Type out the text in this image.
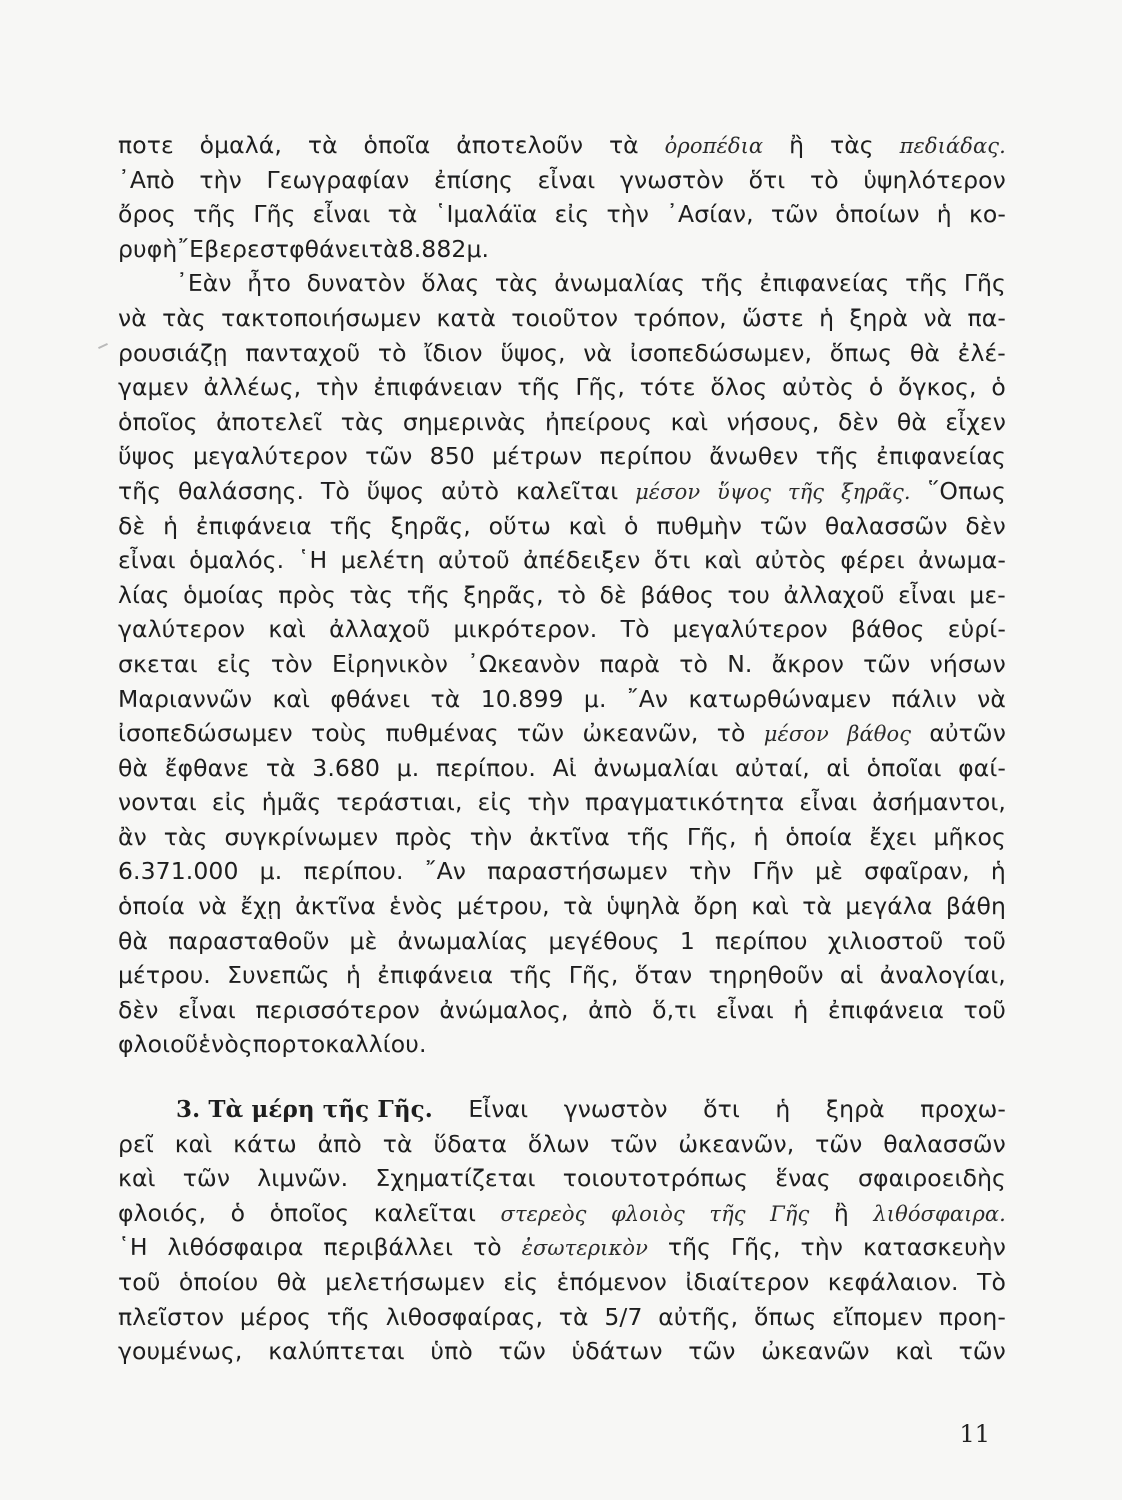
ποτε ὁμαλά, τὰ ὁποῖα ἀποτελοῦν τὰ ὀροπέδια ἢ τὰς πεδιάδας.
᾿Απὸ τὴν Γεωγραφίαν ἐπίσης εἶναι γνωστὸν ὅτι τὸ ὑψηλότερον
ὄρος τῆς Γῆς εἶναι τὰ ῾Ιμαλάϊα εἰς τὴν ᾿Ασίαν, τῶν ὁποίων ἡ κο-
ρυφὴ ῎Εβερεστ φθάνει τὰ 8.882 μ.
᾿Εὰν ἦτο δυνατὸν ὅλας τὰς ἀνωμαλίας τῆς ἐπιφανείας τῆς Γῆς
νὰ τὰς τακτοποιήσωμεν κατὰ τοιοῦτον τρόπον, ὥστε ἡ ξηρὰ νὰ πα-
ρουσιάζῃ πανταχοῦ τὸ ἴδιον ὕψος, νὰ ἰσοπεδώσωμεν, ὅπως θὰ ἐλέ-
γαμεν ἀλλέως, τὴν ἐπιφάνειαν τῆς Γῆς, τότε ὅλος αὐτὸς ὁ ὄγκος, ὁ
ὁποῖος ἀποτελεῖ τὰς σημερινὰς ἠπείρους καὶ νήσους, δὲν θὰ εἶχεν
ὕψος μεγαλύτερον τῶν 850 μέτρων περίπου ἄνωθεν τῆς ἐπιφανείας
τῆς θαλάσσης. Τὸ ὕψος αὐτὸ καλεῖται μέσον ὕψος τῆς ξηρᾶς. ῞Οπως
δὲ ἡ ἐπιφάνεια τῆς ξηρᾶς, οὕτω καὶ ὁ πυθμὴν τῶν θαλασσῶν δὲν
εἶναι ὁμαλός. ῾Η μελέτη αὐτοῦ ἀπέδειξεν ὅτι καὶ αὐτὸς φέρει ἀνωμα-
λίας ὁμοίας πρὸς τὰς τῆς ξηρᾶς, τὸ δὲ βάθος του ἀλλαχοῦ εἶναι με-
γαλύτερον καὶ ἀλλαχοῦ μικρότερον. Τὸ μεγαλύτερον βάθος εὑρί-
σκεται εἰς τὸν Εἰρηνικὸν ᾿Ωκεανὸν παρὰ τὸ Ν. ἄκρον τῶν νήσων
Μαριαννῶν καὶ φθάνει τὰ 10.899 μ. ῎Αν κατωρθώναμεν πάλιν νὰ
ἰσοπεδώσωμεν τοὺς πυθμένας τῶν ὠκεανῶν, τὸ μέσον βάθος αὐτῶν
θὰ ἔφθανε τὰ 3.680 μ. περίπου. Αἱ ἀνωμαλίαι αὐταί, αἱ ὁποῖαι φαί-
νονται εἰς ἡμᾶς τεράστιαι, εἰς τὴν πραγματικότητα εἶναι ἀσήμαντοι,
ἂν τὰς συγκρίνωμεν πρὸς τὴν ἀκτῖνα τῆς Γῆς, ἡ ὁποία ἔχει μῆκος
6.371.000 μ. περίπου. ῎Αν παραστήσωμεν τὴν Γῆν μὲ σφαῖραν, ἡ
ὁποία νὰ ἔχῃ ἀκτῖνα ἑνὸς μέτρου, τὰ ὑψηλὰ ὄρη καὶ τὰ μεγάλα βάθη
θὰ παρασταθοῦν μὲ ἀνωμαλίας μεγέθους 1 περίπου χιλιοστοῦ τοῦ
μέτρου. Συνεπῶς ἡ ἐπιφάνεια τῆς Γῆς, ὅταν τηρηθοῦν αἱ ἀναλογίαι,
δὲν εἶναι περισσότερον ἀνώμαλος, ἀπὸ ὅ,τι εἶναι ἡ ἐπιφάνεια τοῦ
φλοιοῦ ἑνὸς πορτοκαλλίου.
3. Τὰ μέρη τῆς Γῆς. Εἶναι γνωστὸν ὅτι ἡ ξηρὰ προχω-
ρεῖ καὶ κάτω ἀπὸ τὰ ὕδατα ὅλων τῶν ὠκεανῶν, τῶν θαλασσῶν
καὶ τῶν λιμνῶν. Σχηματίζεται τοιουτοτρόπως ἕνας σφαιροειδὴς
φλοιός, ὁ ὁποῖος καλεῖται στερεὸς φλοιὸς τῆς Γῆς ἢ λιθόσφαιρα.
῾Η λιθόσφαιρα περιβάλλει τὸ ἐσωτερικὸν τῆς Γῆς, τὴν κατασκευὴν
τοῦ ὁποίου θὰ μελετήσωμεν εἰς ἑπόμενον ἰδιαίτερον κεφάλαιον. Τὸ
πλεῖστον μέρος τῆς λιθοσφαίρας, τὰ 5/7 αὐτῆς, ὅπως εἴπομεν προη-
γουμένως, καλύπτεται ὑπὸ τῶν ὑδάτων τῶν ὠκεανῶν καὶ τῶν
11
